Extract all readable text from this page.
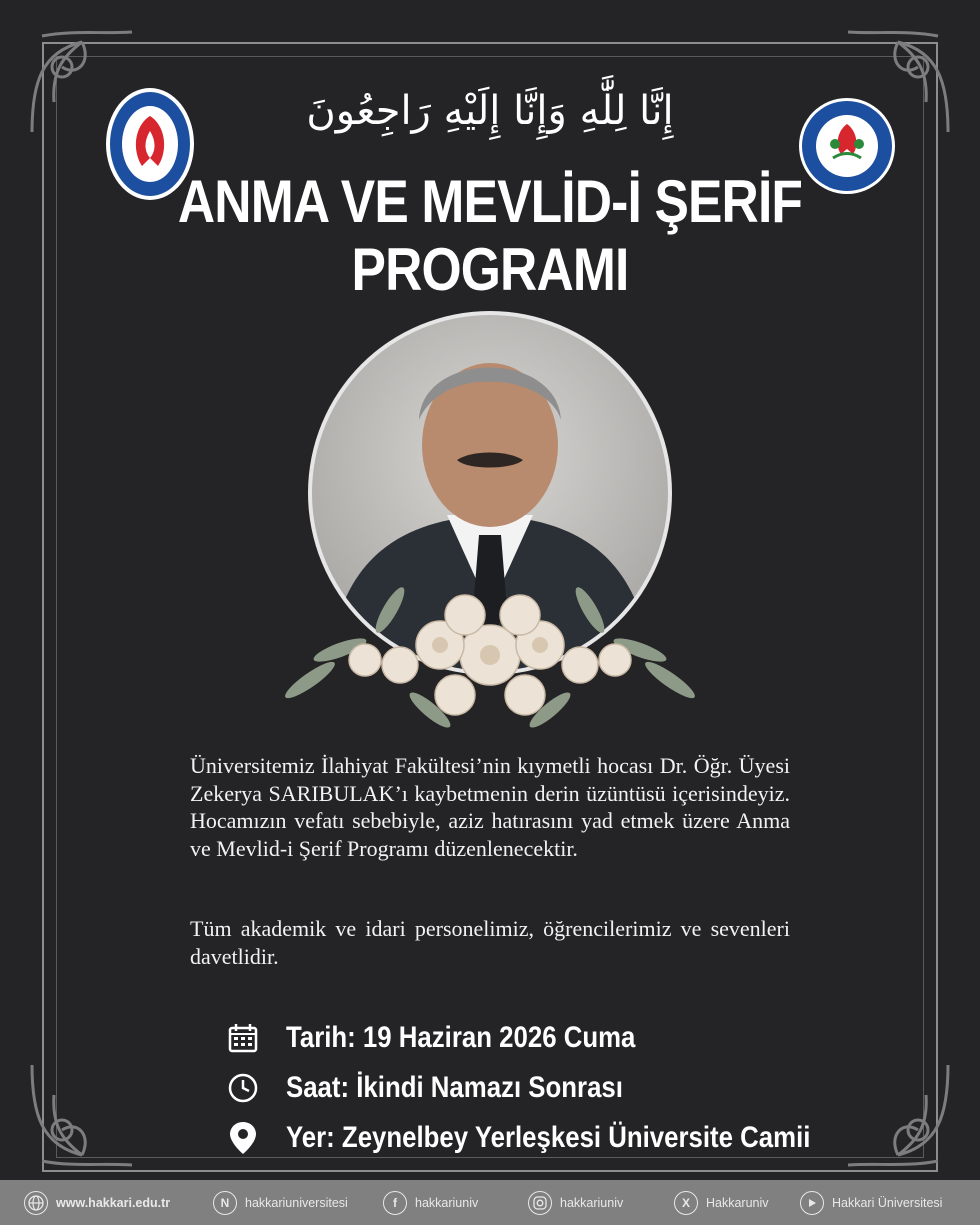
إِنَّا لِلَّٰهِ وَإِنَّا إِلَيْهِ رَاجِعُونَ
ANMA VE MEVLİD-İ ŞERİF
PROGRAMI
Üniversitemiz İlahiyat Fakültesi’nin kıymetli hocası Dr. Öğr. Üyesi Zekerya SARIBULAK’ı kaybetmenin derin üzüntüsü içerisindeyiz. Hocamızın vefatı sebebiyle, aziz hatırasını yad etmek üzere Anma ve Mevlid-i Şerif Programı düzenlenecektir.
Tüm akademik ve idari personelimiz, öğrencilerimiz ve sevenleri davetlidir.
Tarih: 19 Haziran 2026 Cuma
Saat: İkindi Namazı Sonrası
Yer: Zeynelbey Yerleşkesi Üniversite Camii
www.hakkari.edu.tr	N	hakkariuniversitesi	f	hakkariuniv	hakkariuniv	X	Hakkaruniv	Hakkari Üniversitesi
